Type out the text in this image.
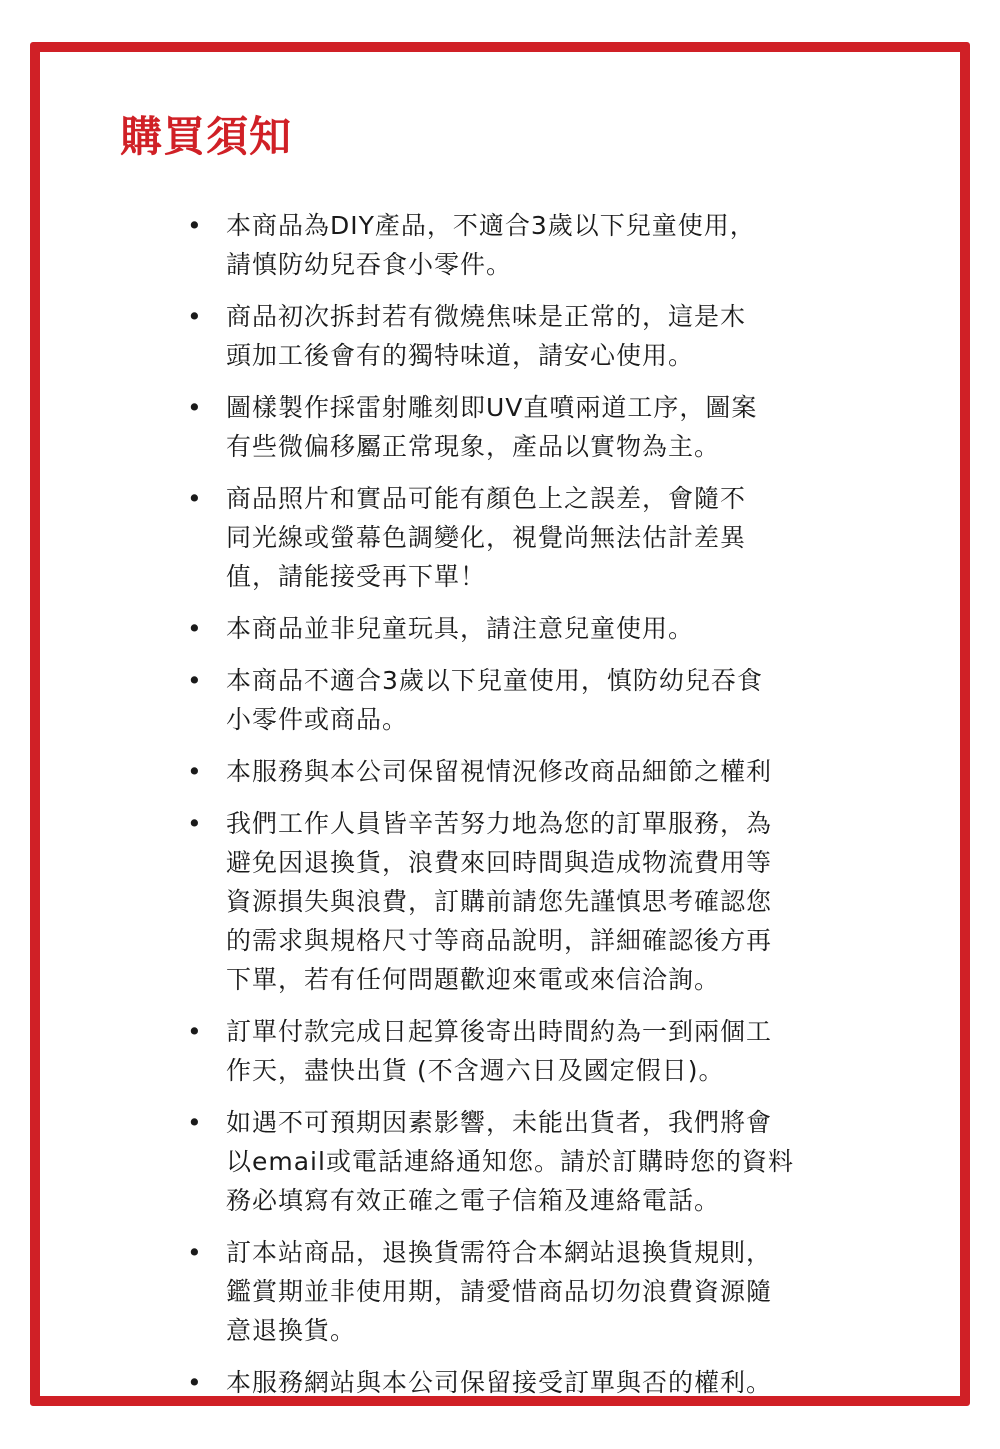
購買須知
• 本商品為DIY產品，不適合3歲以下兒童使用，
請慎防幼兒吞食小零件。
• 商品初次拆封若有微燒焦味是正常的，這是木
頭加工後會有的獨特味道，請安心使用。
• 圖樣製作採雷射雕刻即UV直噴兩道工序，圖案
有些微偏移屬正常現象，產品以實物為主。
• 商品照片和實品可能有顏色上之誤差，會隨不
同光線或螢幕色調變化，視覺尚無法估計差異
值，請能接受再下單！
• 本商品並非兒童玩具，請注意兒童使用。
• 本商品不適合3歲以下兒童使用，慎防幼兒吞食
小零件或商品。
• 本服務與本公司保留視情況修改商品細節之權利
• 我們工作人員皆辛苦努力地為您的訂單服務，為
避免因退換貨，浪費來回時間與造成物流費用等
資源損失與浪費，訂購前請您先謹慎思考確認您
的需求與規格尺寸等商品說明，詳細確認後方再
下單，若有任何問題歡迎來電或來信洽詢。
• 訂單付款完成日起算後寄出時間約為一到兩個工
作天，盡快出貨 (不含週六日及國定假日)。
• 如遇不可預期因素影響，未能出貨者，我們將會
以email或電話連絡通知您。請於訂購時您的資料
務必填寫有效正確之電子信箱及連絡電話。
• 訂本站商品，退換貨需符合本網站退換貨規則，
鑑賞期並非使用期，請愛惜商品切勿浪費資源隨
意退換貨。
• 本服務網站與本公司保留接受訂單與否的權利。
